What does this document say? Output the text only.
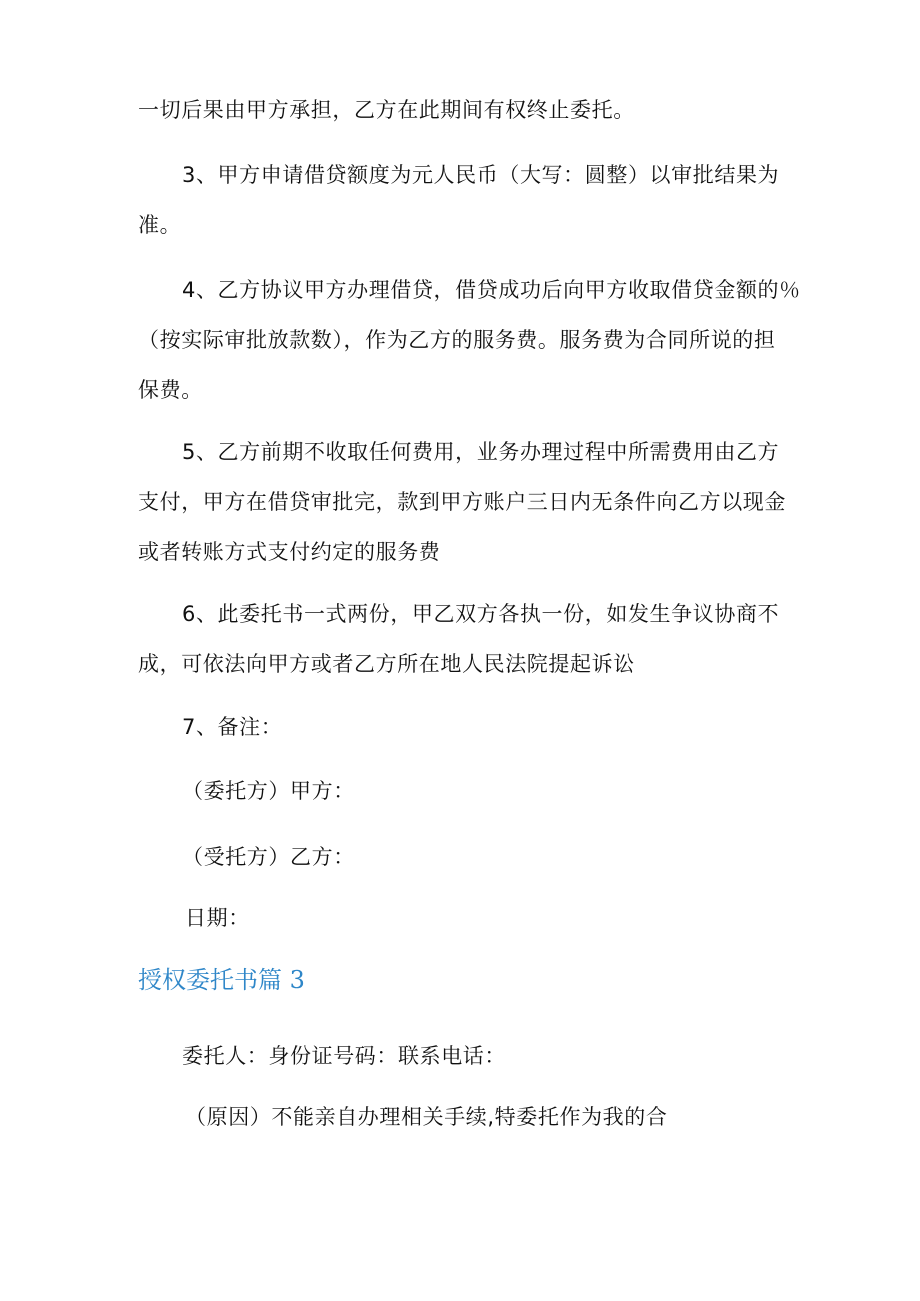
一切后果由甲方承担，乙方在此期间有权终止委托。
3、甲方申请借贷额度为元人民币（大写：圆整）以审批结果为
准。
4、乙方协议甲方办理借贷，借贷成功后向甲方收取借贷金额的％
（按实际审批放款数），作为乙方的服务费。服务费为合同所说的担
保费。
5、乙方前期不收取任何费用，业务办理过程中所需费用由乙方
支付，甲方在借贷审批完，款到甲方账户三日内无条件向乙方以现金
或者转账方式支付约定的服务费
6、此委托书一式两份，甲乙双方各执一份，如发生争议协商不
成，可依法向甲方或者乙方所在地人民法院提起诉讼
7、备注：
（委托方）甲方：
（受托方）乙方：
日期：
授权委托书篇 3
委托人：身份证号码：联系电话：
（原因）不能亲自办理相关手续,特委托作为我的合
